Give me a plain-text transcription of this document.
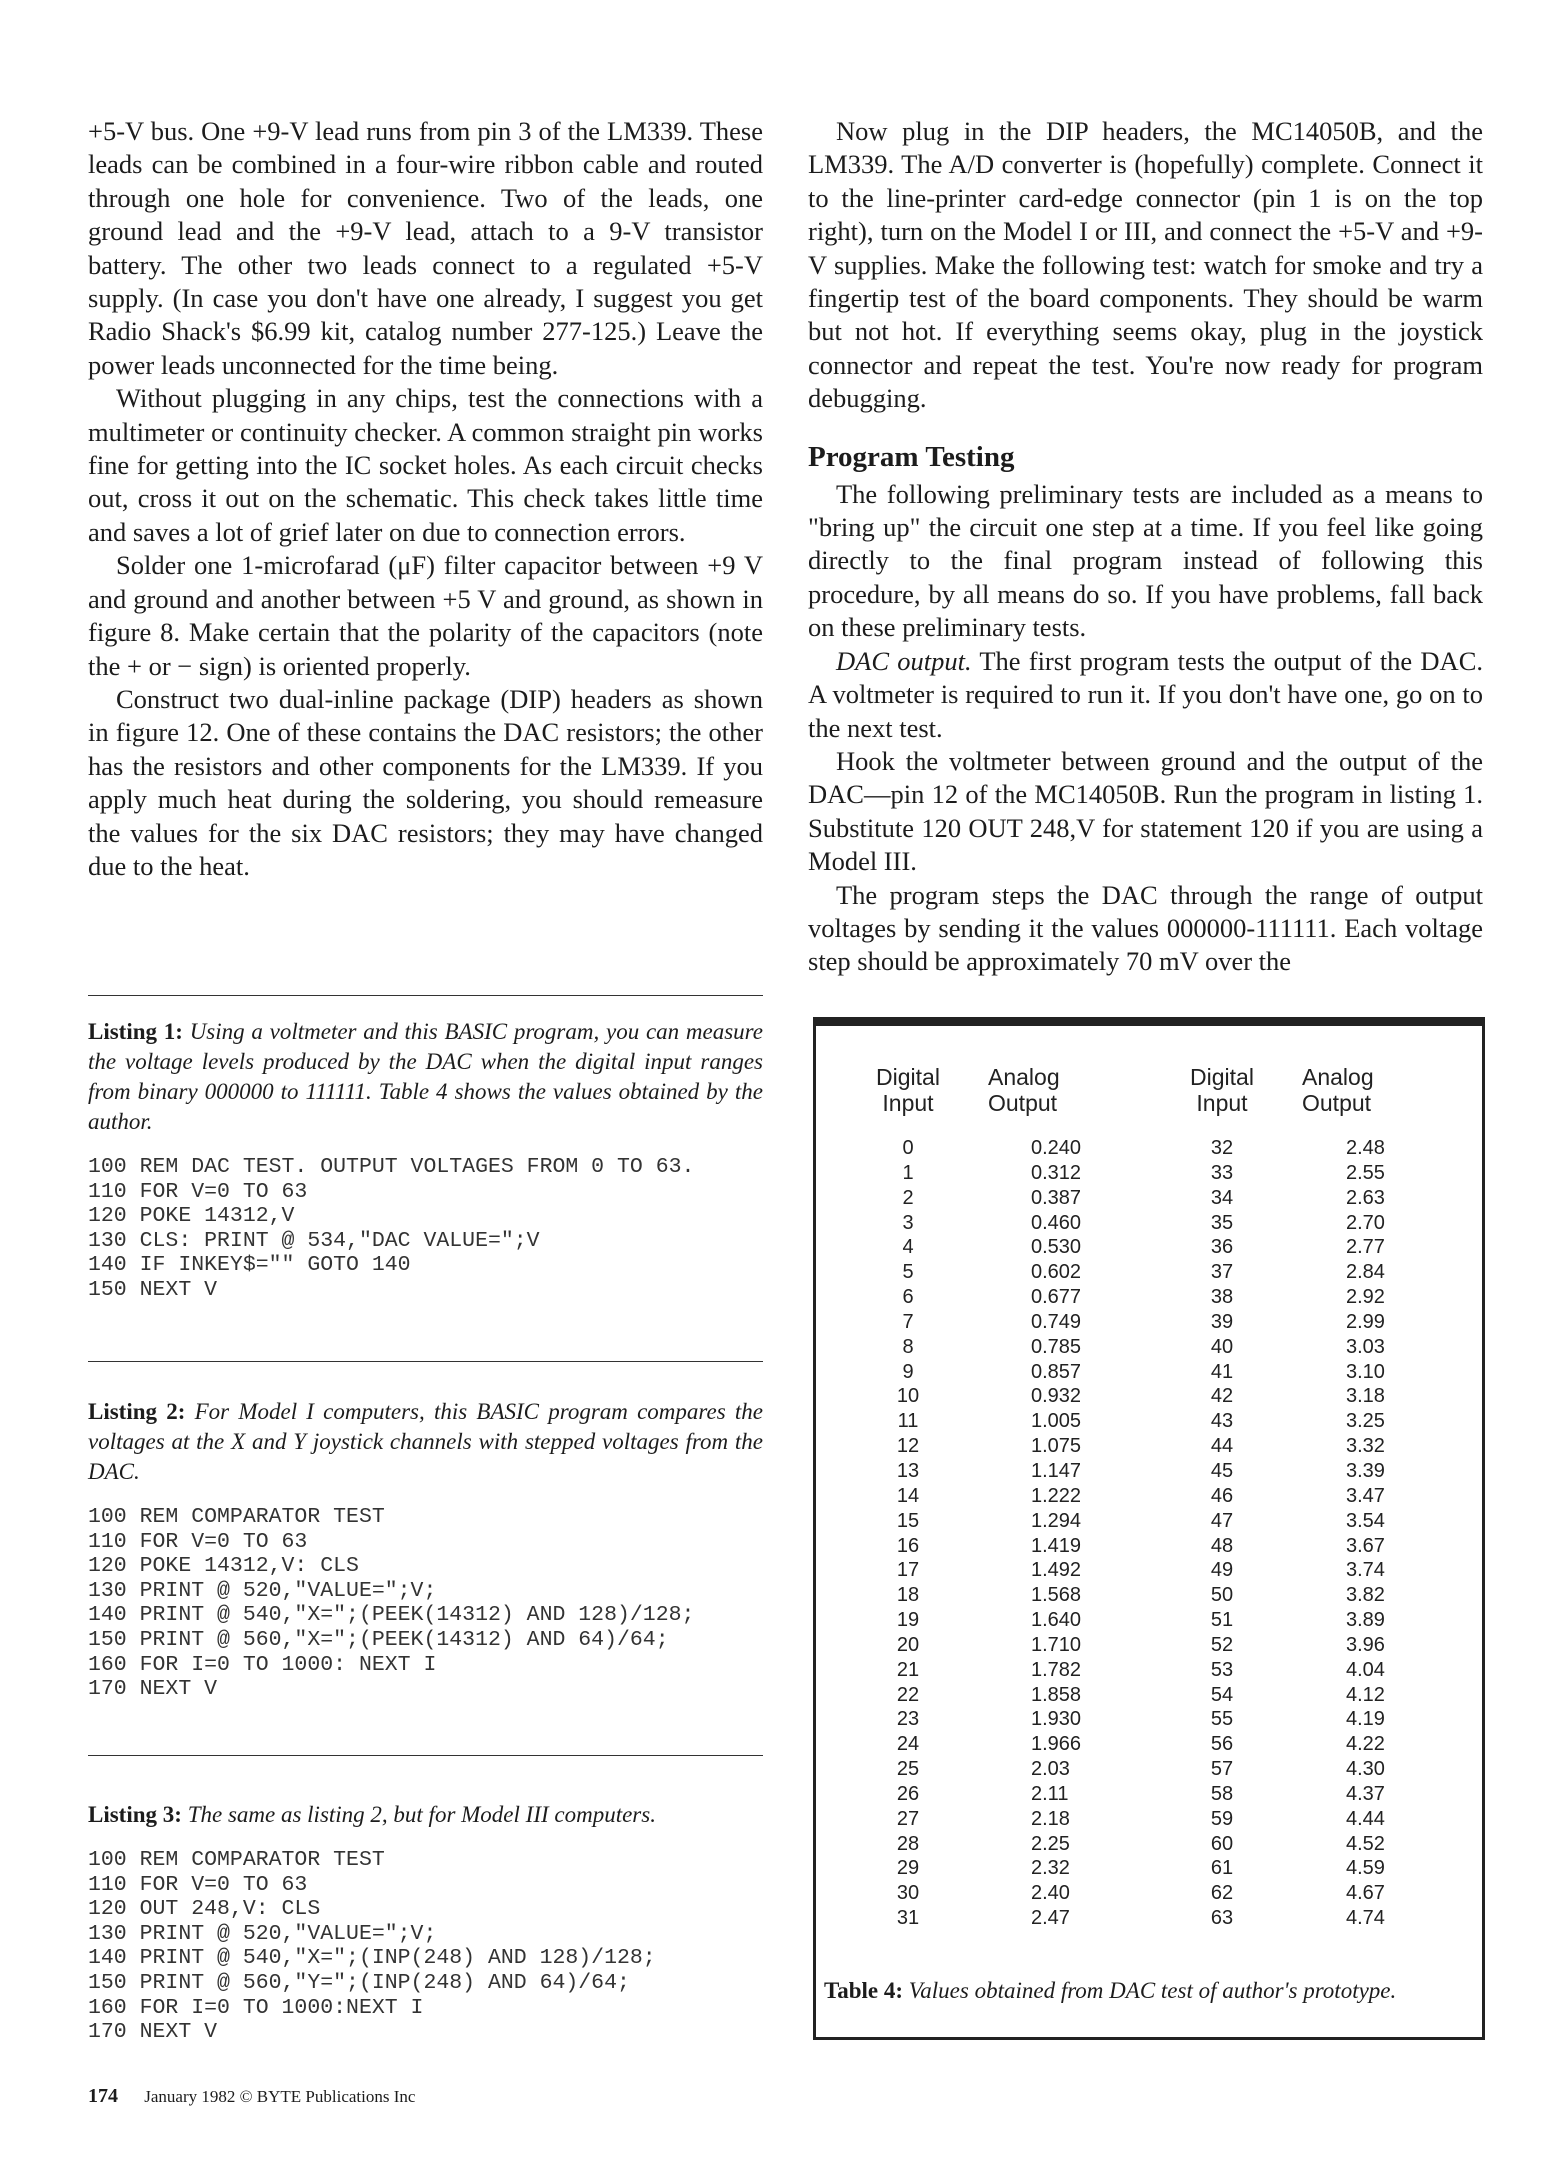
+5-V bus. One +9-V lead runs from pin 3 of the LM339. These leads can be combined in a four-wire ribbon cable and routed through one hole for convenience. Two of the leads, one ground lead and the +9-V lead, attach to a 9-V transistor battery. The other two leads connect to a regulated +5-V supply. (In case you don't have one already, I suggest you get Radio Shack's $6.99 kit, catalog number 277-125.) Leave the power leads unconnected for the time being.

Without plugging in any chips, test the connections with a multimeter or continuity checker. A common straight pin works fine for getting into the IC socket holes. As each circuit checks out, cross it out on the schematic. This check takes little time and saves a lot of grief later on due to connection errors.

Solder one 1-microfarad (μF) filter capacitor between +9 V and ground and another between +5 V and ground, as shown in figure 8. Make certain that the polarity of the capacitors (note the + or − sign) is oriented properly.

Construct two dual-inline package (DIP) headers as shown in figure 12. One of these contains the DAC resistors; the other has the resistors and other components for the LM339. If you apply much heat during the soldering, you should remeasure the values for the six DAC resistors; they may have changed due to the heat.

Now plug in the DIP headers, the MC14050B, and the LM339. The A/D converter is (hopefully) complete. Connect it to the line-printer card-edge connector (pin 1 is on the top right), turn on the Model I or III, and connect the +5-V and +9-V supplies. Make the following test: watch for smoke and try a fingertip test of the board components. They should be warm but not hot. If everything seems okay, plug in the joystick connector and repeat the test. You're now ready for program debugging.

Program Testing

The following preliminary tests are included as a means to "bring up" the circuit one step at a time. If you feel like going directly to the final program instead of following this procedure, by all means do so. If you have problems, fall back on these preliminary tests.

DAC output. The first program tests the output of the DAC. A voltmeter is required to run it. If you don't have one, go on to the next test.

Hook the voltmeter between ground and the output of the DAC—pin 12 of the MC14050B. Run the program in listing 1. Substitute 120 OUT 248,V for statement 120 if you are using a Model III.

The program steps the DAC through the range of output voltages by sending it the values 000000-111111. Each voltage step should be approximately 70 mV over the

Listing 1: Using a voltmeter and this BASIC program, you can measure the voltage levels produced by the DAC when the digital input ranges from binary 000000 to 111111. Table 4 shows the values obtained by the author.

100 REM DAC TEST. OUTPUT VOLTAGES FROM 0 TO 63.
110 FOR V=0 TO 63
120 POKE 14312,V
130 CLS: PRINT @ 534,"DAC VALUE=";V
140 IF INKEY$="" GOTO 140
150 NEXT V

Listing 2: For Model I computers, this BASIC program compares the voltages at the X and Y joystick channels with stepped voltages from the DAC.

100 REM COMPARATOR TEST
110 FOR V=0 TO 63
120 POKE 14312,V: CLS
130 PRINT @ 520,"VALUE=";V;
140 PRINT @ 540,"X=";(PEEK(14312) AND 128)/128;
150 PRINT @ 560,"X=";(PEEK(14312) AND 64)/64;
160 FOR I=0 TO 1000: NEXT I
170 NEXT V

Listing 3: The same as listing 2, but for Model III computers.

100 REM COMPARATOR TEST
110 FOR V=0 TO 63
120 OUT 248,V: CLS
130 PRINT @ 520,"VALUE=";V;
140 PRINT @ 540,"X=";(INP(248) AND 128)/128;
150 PRINT @ 560,"Y=";(INP(248) AND 64)/64;
160 FOR I=0 TO 1000:NEXT I
170 NEXT V
Digital
Input
Analog
Output
Digital
Input
Analog
Output
0
1
2
3
4
5
6
7
8
9
10
11
12
13
14
15
16
17
18
19
20
21
22
23
24
25
26
27
28
29
30
31
0.240
0.312
0.387
0.460
0.530
0.602
0.677
0.749
0.785
0.857
0.932
1.005
1.075
1.147
1.222
1.294
1.419
1.492
1.568
1.640
1.710
1.782
1.858
1.930
1.966
2.03
2.11
2.18
2.25
2.32
2.40
2.47
32
33
34
35
36
37
38
39
40
41
42
43
44
45
46
47
48
49
50
51
52
53
54
55
56
57
58
59
60
61
62
63
2.48
2.55
2.63
2.70
2.77
2.84
2.92
2.99
3.03
3.10
3.18
3.25
3.32
3.39
3.47
3.54
3.67
3.74
3.82
3.89
3.96
4.04
4.12
4.19
4.22
4.30
4.37
4.44
4.52
4.59
4.67
4.74
Table 4: Values obtained from DAC test of author's prototype.
174 January 1982 © BYTE Publications Inc
